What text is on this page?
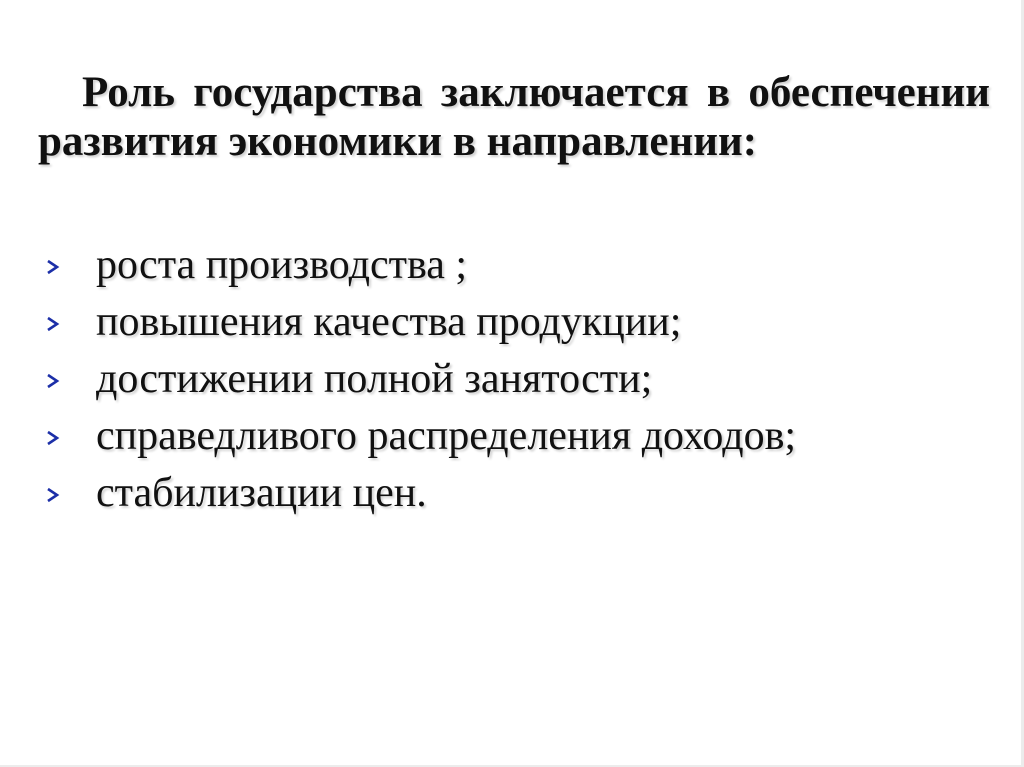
Роль государства заключается в обеспечении развития экономики в направлении:

роста производства ;
повышения качества продукции;
достижении полной занятости;
справедливого распределения доходов;
стабилизации цен.
